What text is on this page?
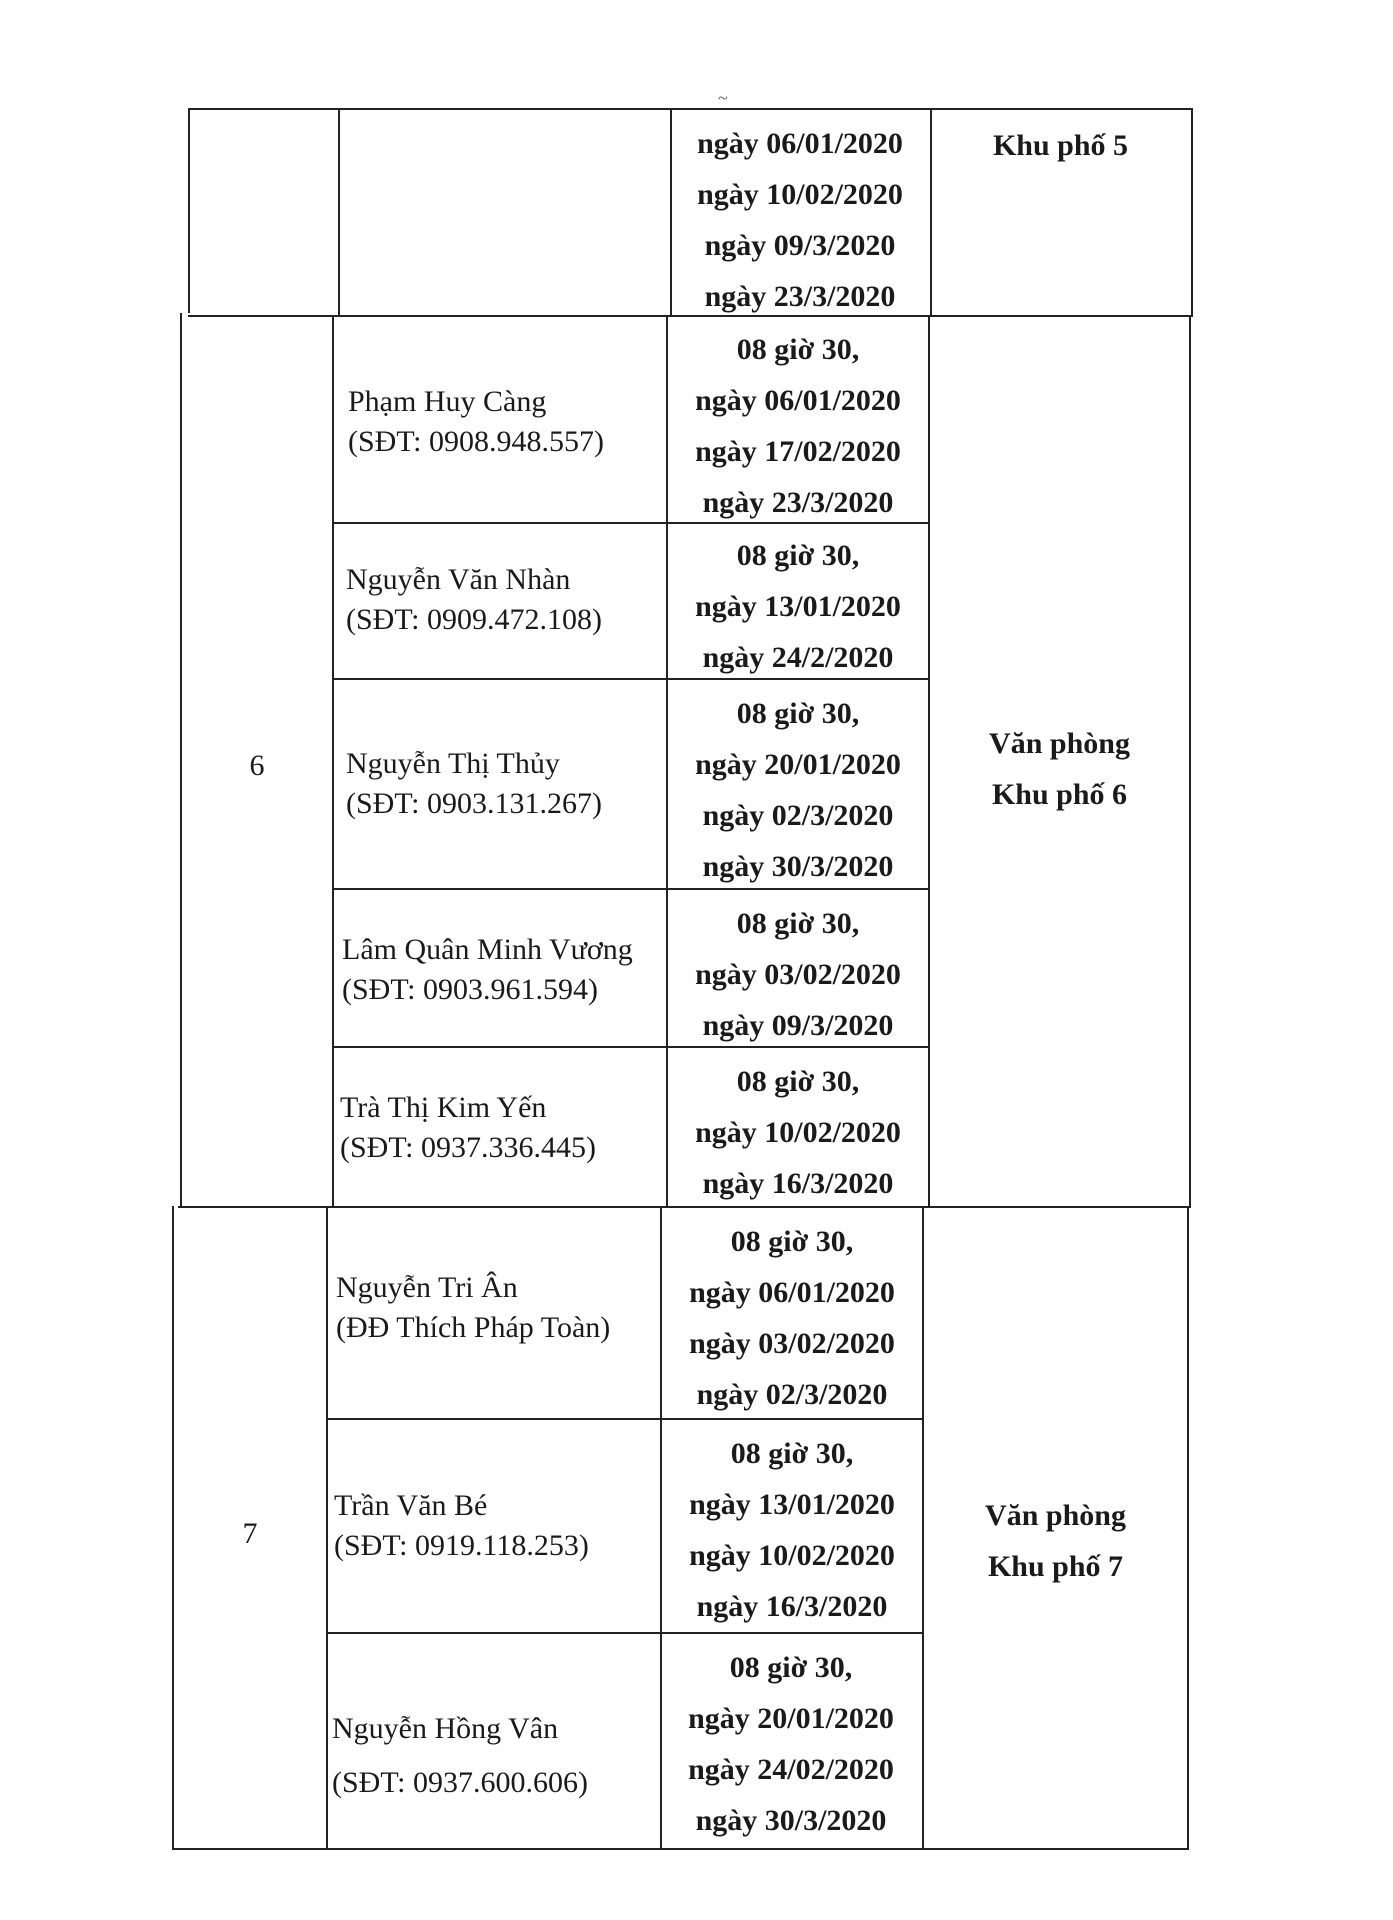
~
ngày 06/01/2020
ngày 10/02/2020
ngày 09/3/2020
ngày 23/3/2020
Khu phố 5
6
Phạm Huy Càng
(SĐT: 0908.948.557)
08 giờ 30,
ngày 06/01/2020
ngày 17/02/2020
ngày 23/3/2020
Nguyễn Văn Nhàn
(SĐT: 0909.472.108)
08 giờ 30,
ngày 13/01/2020
ngày 24/2/2020
Nguyễn Thị Thủy
(SĐT: 0903.131.267)
08 giờ 30,
ngày 20/01/2020
ngày 02/3/2020
ngày 30/3/2020
Lâm Quân Minh Vương
(SĐT: 0903.961.594)
08 giờ 30,
ngày 03/02/2020
ngày 09/3/2020
Trà Thị Kim Yến
(SĐT: 0937.336.445)
08 giờ 30,
ngày 10/02/2020
ngày 16/3/2020
Văn phòng
Khu phố 6
7
Nguyễn Tri Ân
(ĐĐ Thích Pháp Toàn)
08 giờ 30,
ngày 06/01/2020
ngày 03/02/2020
ngày 02/3/2020
Trần Văn Bé
(SĐT: 0919.118.253)
08 giờ 30,
ngày 13/01/2020
ngày 10/02/2020
ngày 16/3/2020
Nguyễn Hồng Vân
(SĐT: 0937.600.606)
08 giờ 30,
ngày 20/01/2020
ngày 24/02/2020
ngày 30/3/2020
Văn phòng
Khu phố 7
